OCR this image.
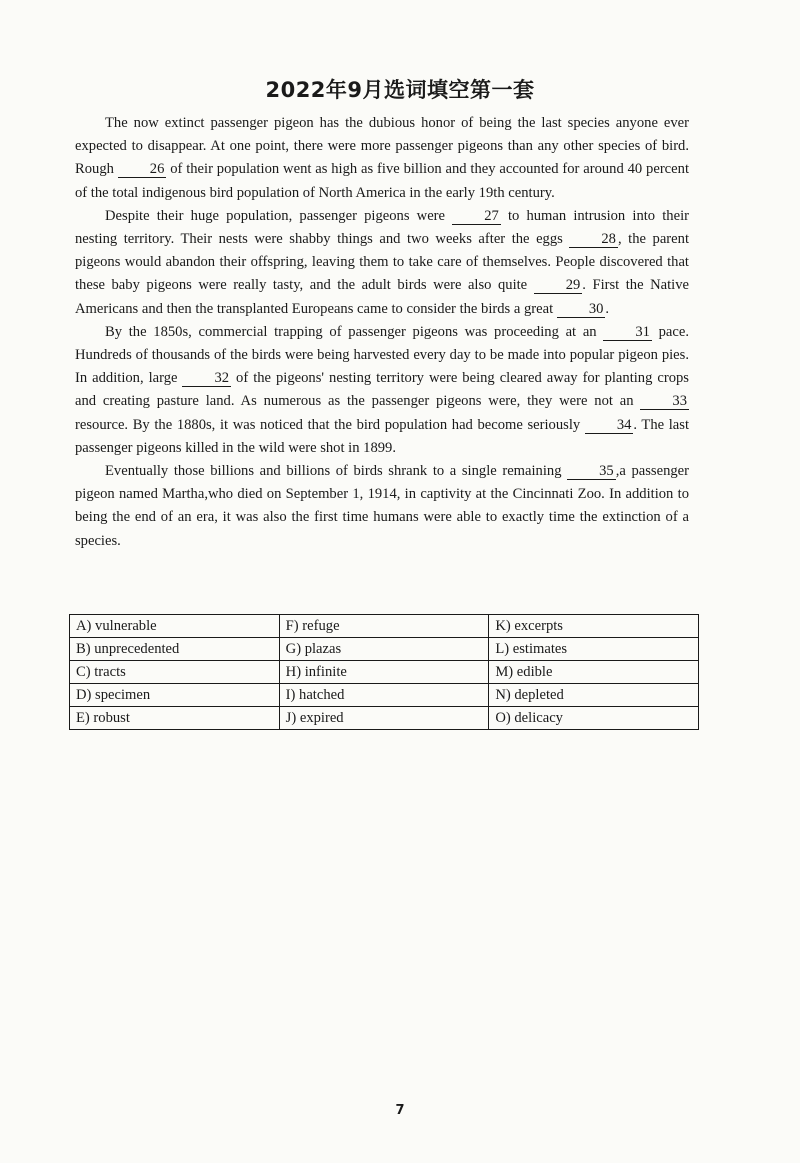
2022年9月选词填空第一套

The now extinct passenger pigeon has the dubious honor of being the last species anyone ever expected to disappear. At one point, there were more passenger pigeons than any other species of bird. Rough 26 of their population went as high as five billion and they accounted for around 40 percent of the total indigenous bird population of North America in the early 19th century.

Despite their huge population, passenger pigeons were 27 to human intrusion into their nesting territory. Their nests were shabby things and two weeks after the eggs 28 , the parent pigeons would abandon their offspring, leaving them to take care of themselves. People discovered that these baby pigeons were really tasty, and the adult birds were also quite 29 . First the Native Americans and then the transplanted Europeans came to consider the birds a great 30 .

By the 1850s, commercial trapping of passenger pigeons was proceeding at an 31 pace. Hundreds of thousands of the birds were being harvested every day to be made into popular pigeon pies. In addition, large 32 of the pigeons' nesting territory were being cleared away for planting crops and creating pasture land. As numerous as the passenger pigeons were, they were not an 33 resource. By the 1880s, it was noticed that the bird population had become seriously 34 . The last passenger pigeons killed in the wild were shot in 1899.

Eventually those billions and billions of birds shrank to a single remaining 35 ,a passenger pigeon named Martha,who died on September 1, 1914, in captivity at the Cincinnati Zoo. In addition to being the end of an era, it was also the first time humans were able to exactly time the extinction of a species.

A) vulnerable	F) refuge	K) excerpts
B) unprecedented	G) plazas	L) estimates
C) tracts	H) infinite	M) edible
D) specimen	I) hatched	N) depleted
E) robust	J) expired	O) delicacy
7
